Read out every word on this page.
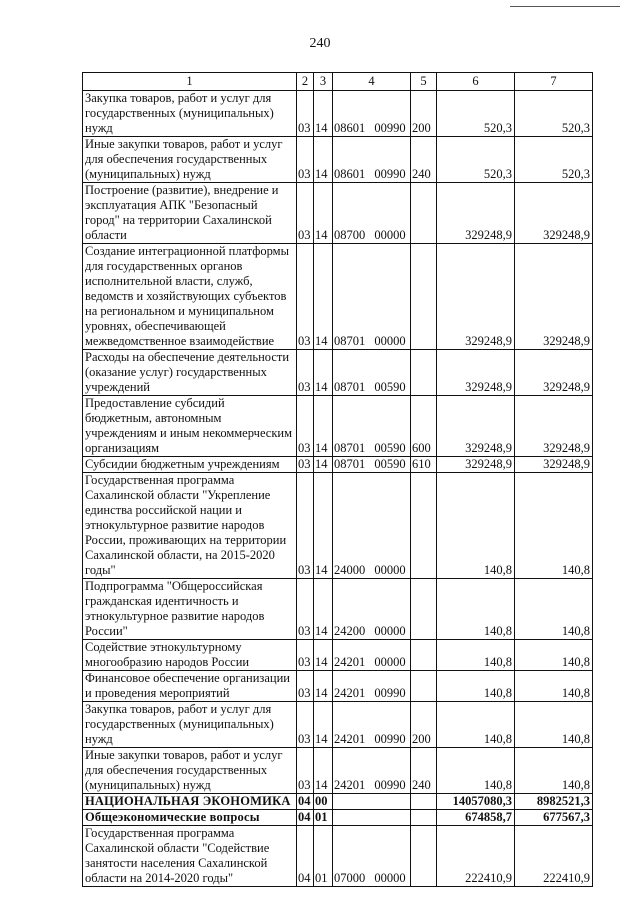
240
1	2	3	4	5	6	7
Закупка товаров, работ и услуг для государственных (муниципальных) нужд	03	14	08601 00990	200	520,3	520,3
Иные закупки товаров, работ и услуг для обеспечения государственных (муниципальных) нужд	03	14	08601 00990	240	520,3	520,3
Построение (развитие), внедрение и эксплуатация АПК "Безопасный город" на территории Сахалинской области	03	14	08700 00000		329248,9	329248,9
Создание интеграционной платформы для государственных органов исполнительной власти, служб, ведомств и хозяйствующих субъектов на региональном и муниципальном уровнях, обеспечивающей межведомственное взаимодействие	03	14	08701 00000		329248,9	329248,9
Расходы на обеспечение деятельности (оказание услуг) государственных учреждений	03	14	08701 00590		329248,9	329248,9
Предоставление субсидий бюджетным, автономным учреждениям и иным некоммерческим организациям	03	14	08701 00590	600	329248,9	329248,9
Субсидии бюджетным учреждениям	03	14	08701 00590	610	329248,9	329248,9
Государственная программа Сахалинской области "Укрепление единства российской нации и этнокультурное развитие народов России, проживающих на территории Сахалинской области, на 2015-2020 годы"	03	14	24000 00000		140,8	140,8
Подпрограмма "Общероссийская гражданская идентичность и этнокультурное развитие народов России"	03	14	24200 00000		140,8	140,8
Содействие этнокультурному многообразию народов России	03	14	24201 00000		140,8	140,8
Финансовое обеспечение организации и проведения мероприятий	03	14	24201 00990		140,8	140,8
Закупка товаров, работ и услуг для государственных (муниципальных) нужд	03	14	24201 00990	200	140,8	140,8
Иные закупки товаров, работ и услуг для обеспечения государственных (муниципальных) нужд	03	14	24201 00990	240	140,8	140,8
НАЦИОНАЛЬНАЯ ЭКОНОМИКА	04	00			14057080,3	8982521,3
Общеэкономические вопросы	04	01			674858,7	677567,3
Государственная программа Сахалинской области "Содействие занятости населения Сахалинской области на 2014-2020 годы"	04	01	07000 00000		222410,9	222410,9
